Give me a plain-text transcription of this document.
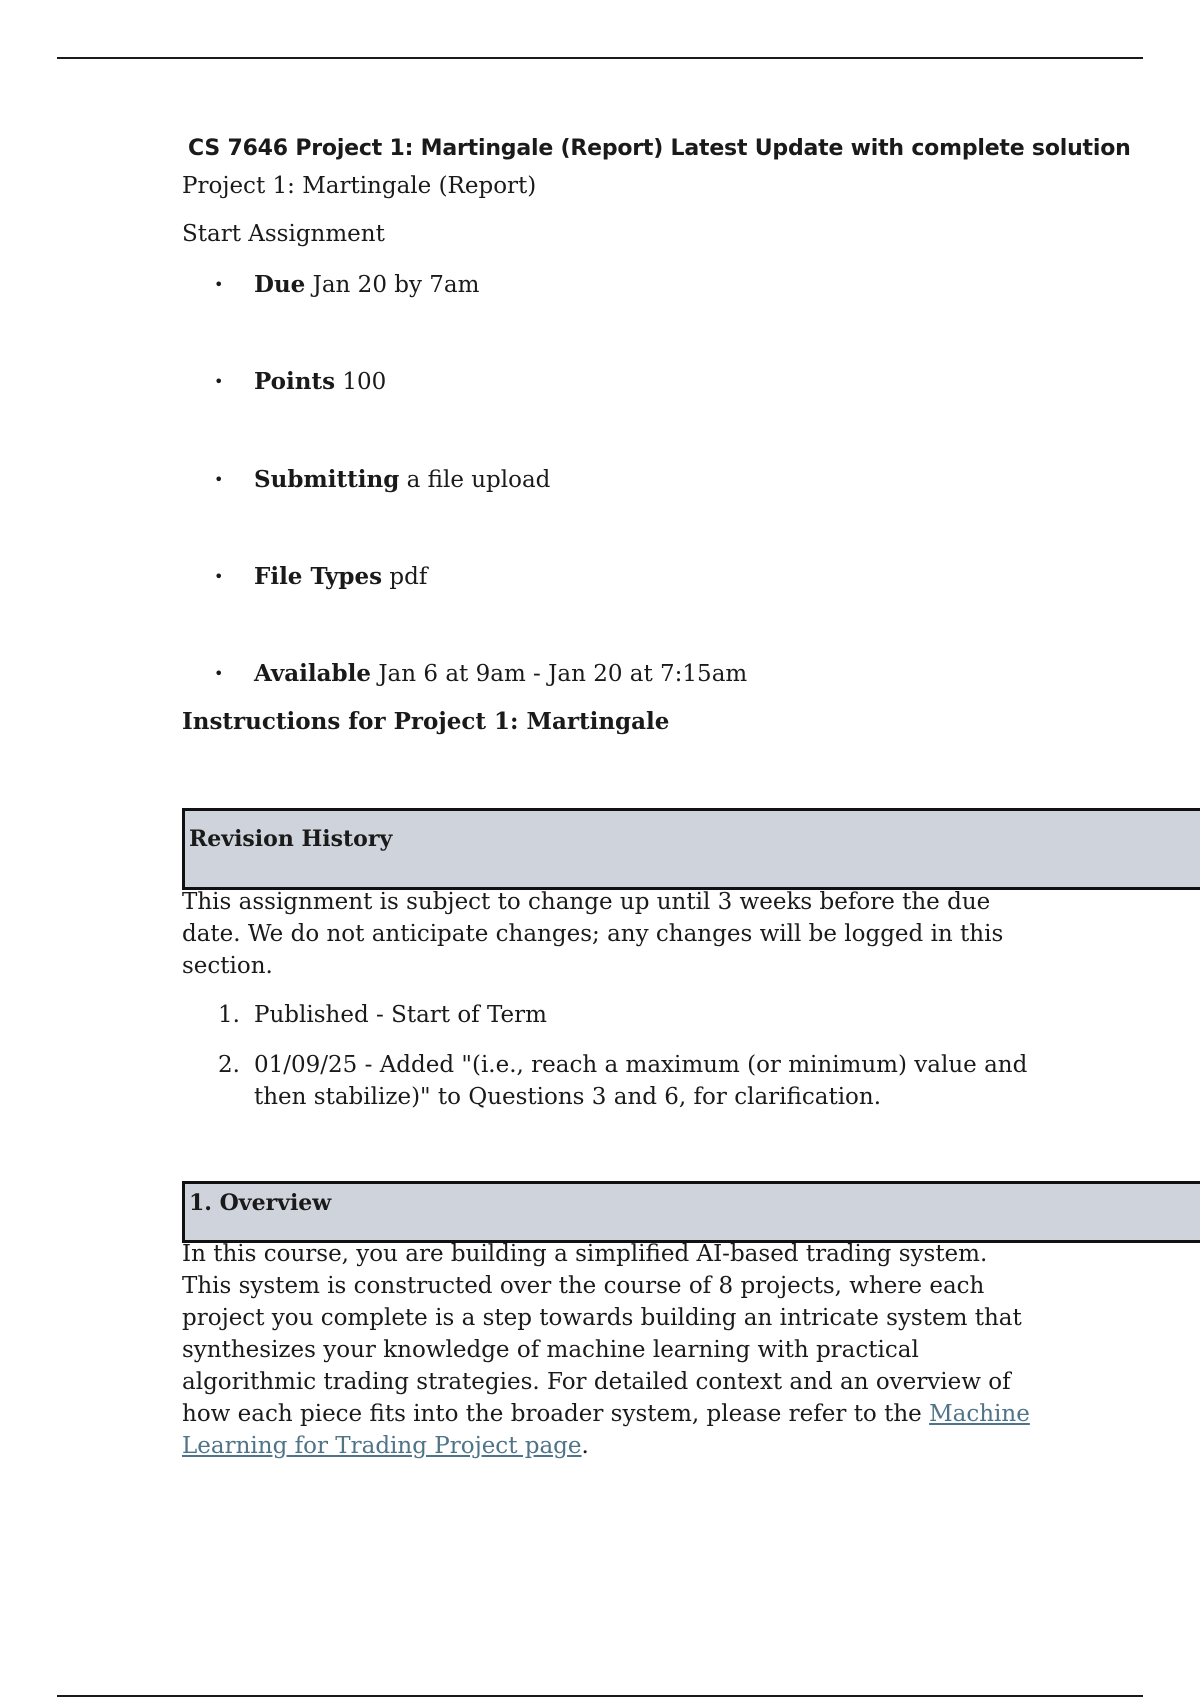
CS 7646 Project 1: Martingale (Report) Latest Update with complete solution

Project 1: Martingale (Report)

Start Assignment

• Due Jan 20 by 7am
• Points 100
• Submitting a file upload
• File Types pdf
• Available Jan 6 at 9am - Jan 20 at 7:15am
Instructions for Project 1: Martingale
Revision History

This assignment is subject to change up until 3 weeks before the due date. We do not anticipate changes; any changes will be logged in this section.

1. Published - Start of Term
2. 01/09/25 - Added "(i.e., reach a maximum (or minimum) value and then stabilize)" to Questions 3 and 6, for clarification.
1. Overview

In this course, you are building a simplified AI-based trading system. This system is constructed over the course of 8 projects, where each project you complete is a step towards building an intricate system that synthesizes your knowledge of machine learning with practical algorithmic trading strategies. For detailed context and an overview of how each piece fits into the broader system, please refer to the Machine Learning for Trading Project page.
